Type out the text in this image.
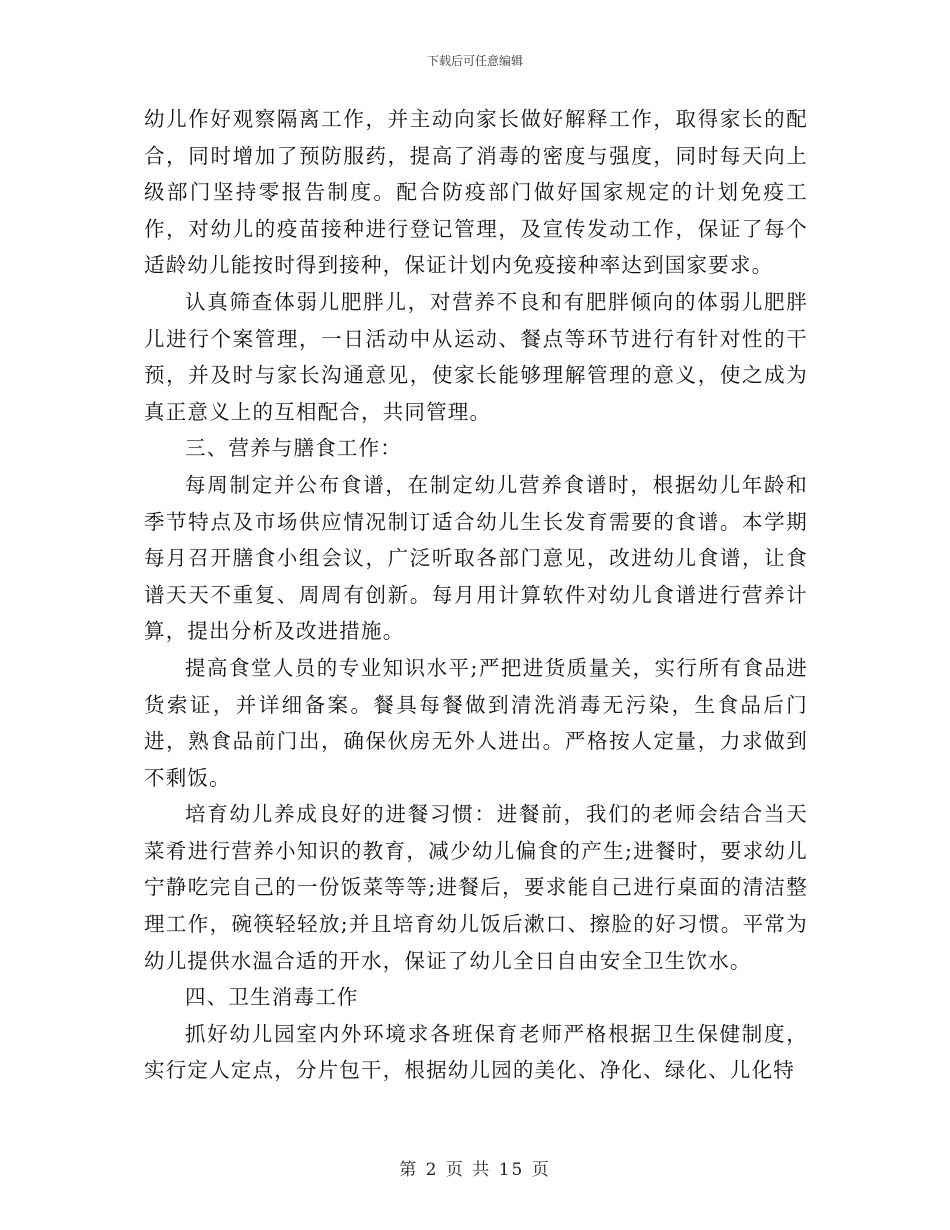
下载后可任意编辑

幼儿作好观察隔离工作，并主动向家长做好解释工作，取得家长的配合，同时增加了预防服药，提高了消毒的密度与强度，同时每天向上级部门坚持零报告制度。配合防疫部门做好国家规定的计划免疫工作，对幼儿的疫苗接种进行登记管理，及宣传发动工作，保证了每个适龄幼儿能按时得到接种，保证计划内免疫接种率达到国家要求。

认真筛查体弱儿肥胖儿，对营养不良和有肥胖倾向的体弱儿肥胖儿进行个案管理，一日活动中从运动、餐点等环节进行有针对性的干预，并及时与家长沟通意见，使家长能够理解管理的意义，使之成为真正意义上的互相配合，共同管理。

三、营养与膳食工作：

每周制定并公布食谱，在制定幼儿营养食谱时，根据幼儿年龄和季节特点及市场供应情况制订适合幼儿生长发育需要的食谱。本学期每月召开膳食小组会议，广泛听取各部门意见，改进幼儿食谱，让食谱天天不重复、周周有创新。每月用计算软件对幼儿食谱进行营养计算，提出分析及改进措施。

提高食堂人员的专业知识水平;严把进货质量关，实行所有食品进货索证，并详细备案。餐具每餐做到清洗消毒无污染，生食品后门进，熟食品前门出，确保伙房无外人进出。严格按人定量，力求做到不剩饭。

培育幼儿养成良好的进餐习惯：进餐前，我们的老师会结合当天菜肴进行营养小知识的教育，减少幼儿偏食的产生;进餐时，要求幼儿宁静吃完自己的一份饭菜等等;进餐后，要求能自己进行桌面的清洁整理工作，碗筷轻轻放;并且培育幼儿饭后漱口、擦脸的好习惯。平常为幼儿提供水温合适的开水，保证了幼儿全日自由安全卫生饮水。

四、卫生消毒工作

抓好幼儿园室内外环境求各班保育老师严格根据卫生保健制度，实行定人定点，分片包干，根据幼儿园的美化、净化、绿化、儿化特

第 2 页 共 15 页
